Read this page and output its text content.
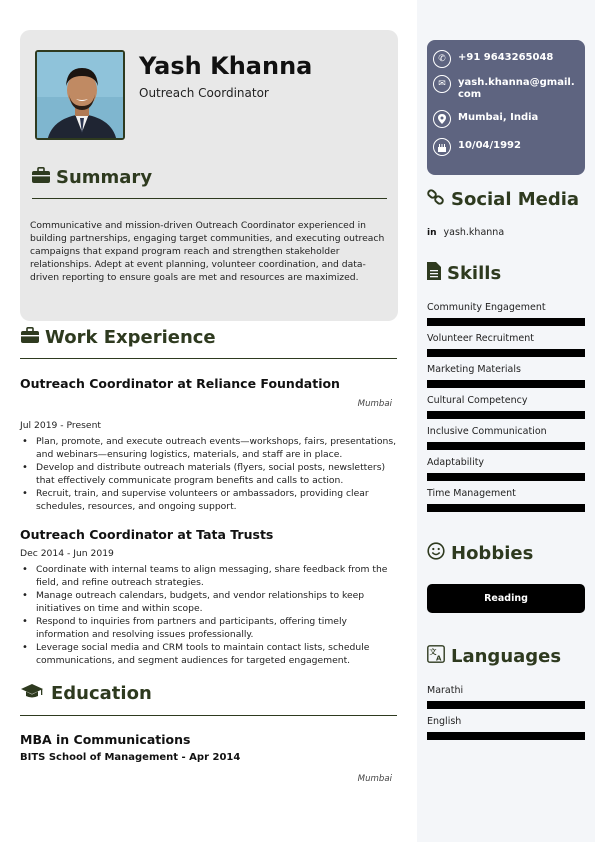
Yash Khanna
Outreach Coordinator
Summary
Communicative and mission-driven Outreach Coordinator experienced in building partnerships, engaging target communities, and executing outreach campaigns that expand program reach and strengthen stakeholder relationships. Adept at event planning, volunteer coordination, and data-driven reporting to ensure goals are met and resources are maximized.
Work Experience
Outreach Coordinator at Reliance Foundation
Mumbai
Jul 2019 - Present
• Plan, promote, and execute outreach events—workshops, fairs, presentations, and webinars—ensuring logistics, materials, and staff are in place.
• Develop and distribute outreach materials (flyers, social posts, newsletters) that effectively communicate program benefits and calls to action.
• Recruit, train, and supervise volunteers or ambassadors, providing clear schedules, resources, and ongoing support.
Outreach Coordinator at Tata Trusts
Dec 2014 - Jun 2019
• Coordinate with internal teams to align messaging, share feedback from the field, and refine outreach strategies.
• Manage outreach calendars, budgets, and vendor relationships to keep initiatives on time and within scope.
• Respond to inquiries from partners and participants, offering timely information and resolving issues professionally.
• Leverage social media and CRM tools to maintain contact lists, schedule communications, and segment audiences for targeted engagement.
Education
MBA in Communications
BITS School of Management - Apr 2014
Mumbai
✆	+91 9643265048
✉	yash.khanna@gmail.com
Mumbai, India
10/04/1992
Social Media
in yash.khanna
Skills
Community Engagement
Volunteer Recruitment
Marketing Materials
Cultural Competency
Inclusive Communication
Adaptability
Time Management
Hobbies
Reading
文
A Languages
Marathi
English
